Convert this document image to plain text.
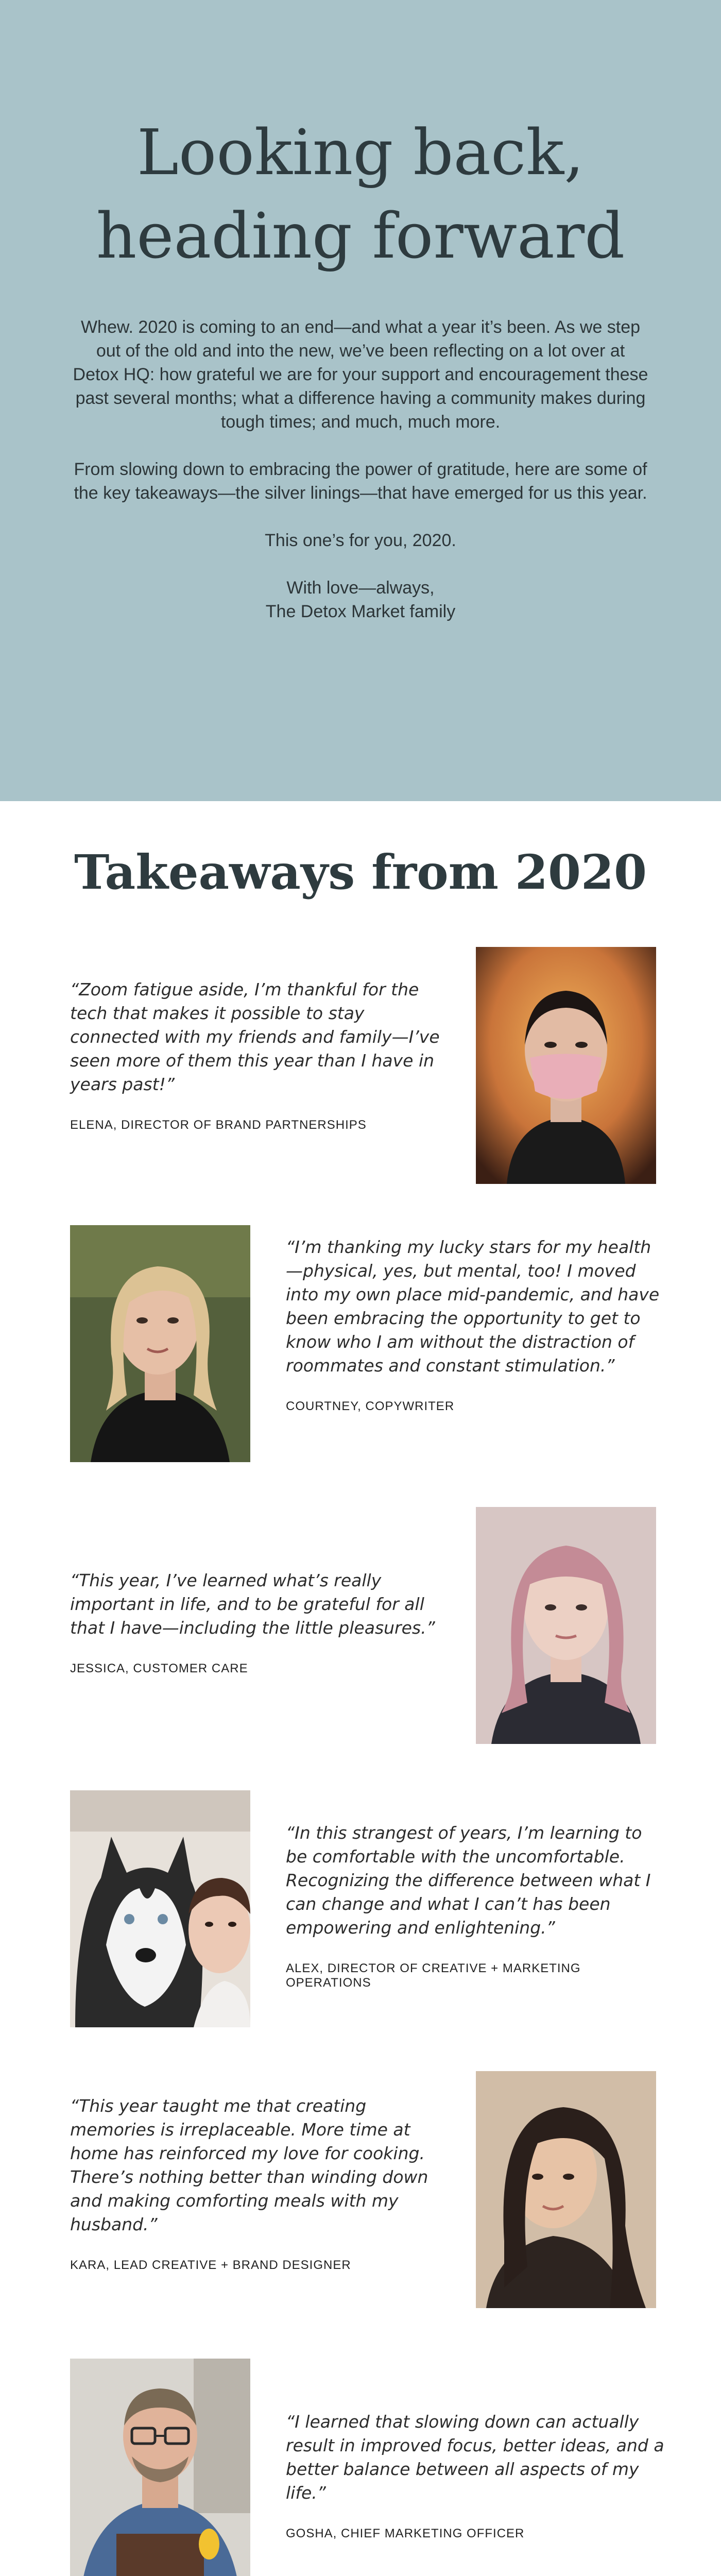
Looking back,
heading forward

Whew. 2020 is coming to an end—and what a year it’s been. As we step out of the old and into the new, we’ve been reflecting on a lot over at Detox HQ: how grateful we are for your support and encouragement these past several months; what a difference having a community makes during tough times; and much, much more.

From slowing down to embracing the power of gratitude, here are some of the key takeaways—the silver linings—that have emerged for us this year.

This one’s for you, 2020.

With love—always,
The Detox Market family

Takeaways from 2020

“Zoom fatigue aside, I’m thankful for the tech that makes it possible to stay connected with my friends and family—I’ve seen more of them this year than I have in years past!”

ELENA, DIRECTOR OF BRAND PARTNERSHIPS

“I’m thanking my lucky stars for my health—physical, yes, but mental, too! I moved into my own place mid-pandemic, and have been embracing the opportunity to get to know who I am without the distraction of roommates and constant stimulation.”

COURTNEY, COPYWRITER

“This year, I’ve learned what’s really important in life, and to be grateful for all that I have—including the little pleasures.”

JESSICA, CUSTOMER CARE

“In this strangest of years, I’m learning to be comfortable with the uncomfortable. Recognizing the difference between what I can change and what I can’t has been empowering and enlightening.”

ALEX, DIRECTOR OF CREATIVE + MARKETING OPERATIONS

“This year taught me that creating memories is irreplaceable. More time at home has reinforced my love for cooking. There’s nothing better than winding down and making comforting meals with my husband.”

KARA, LEAD CREATIVE + BRAND DESIGNER

“I learned that slowing down can actually result in improved focus, better ideas, and a better balance between all aspects of my life.”

GOSHA, CHIEF MARKETING OFFICER
